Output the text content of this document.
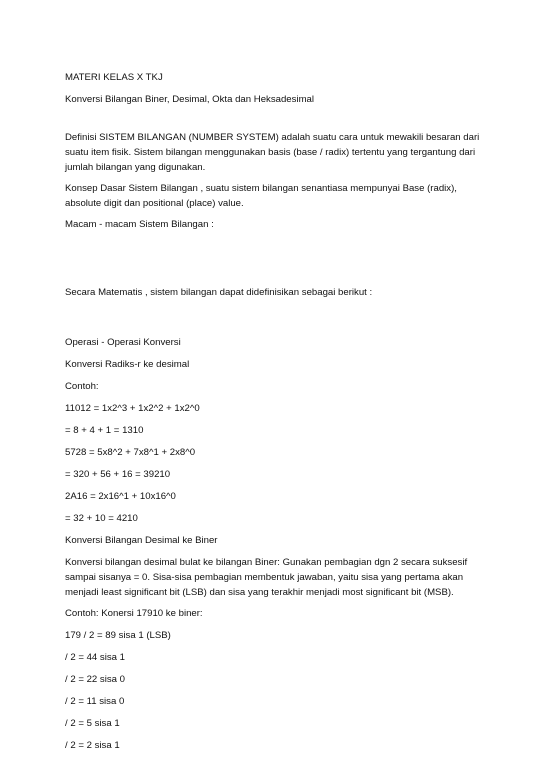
MATERI KELAS X TKJ

Konversi Bilangan Biner, Desimal, Okta dan Heksadesimal

Definisi SISTEM BILANGAN (NUMBER SYSTEM) adalah suatu cara untuk mewakili besaran dari suatu item fisik. Sistem bilangan menggunakan basis (base / radix) tertentu yang tergantung dari jumlah bilangan yang digunakan.

Konsep Dasar Sistem Bilangan , suatu sistem bilangan senantiasa mempunyai Base (radix), absolute digit dan positional (place) value.

Macam - macam Sistem Bilangan :

Secara Matematis , sistem bilangan dapat didefinisikan sebagai berikut :

Operasi - Operasi Konversi

Konversi Radiks-r ke desimal

Contoh:

11012 = 1x2^3 + 1x2^2 + 1x2^0

= 8 + 4 + 1 = 1310

5728 = 5x8^2 + 7x8^1 + 2x8^0

= 320 + 56 + 16 = 39210

2A16 = 2x16^1 + 10x16^0

= 32 + 10 = 4210

Konversi Bilangan Desimal ke Biner

Konversi bilangan desimal bulat ke bilangan Biner: Gunakan pembagian dgn 2 secara suksesif sampai sisanya = 0. Sisa-sisa pembagian membentuk jawaban, yaitu sisa yang pertama akan menjadi least significant bit (LSB) dan sisa yang terakhir menjadi most significant bit (MSB).

Contoh: Konersi 17910 ke biner:

179 / 2 = 89 sisa 1 (LSB)

/ 2 = 44 sisa 1

/ 2 = 22 sisa 0

/ 2 = 11 sisa 0

/ 2 = 5 sisa 1

/ 2 = 2 sisa 1
